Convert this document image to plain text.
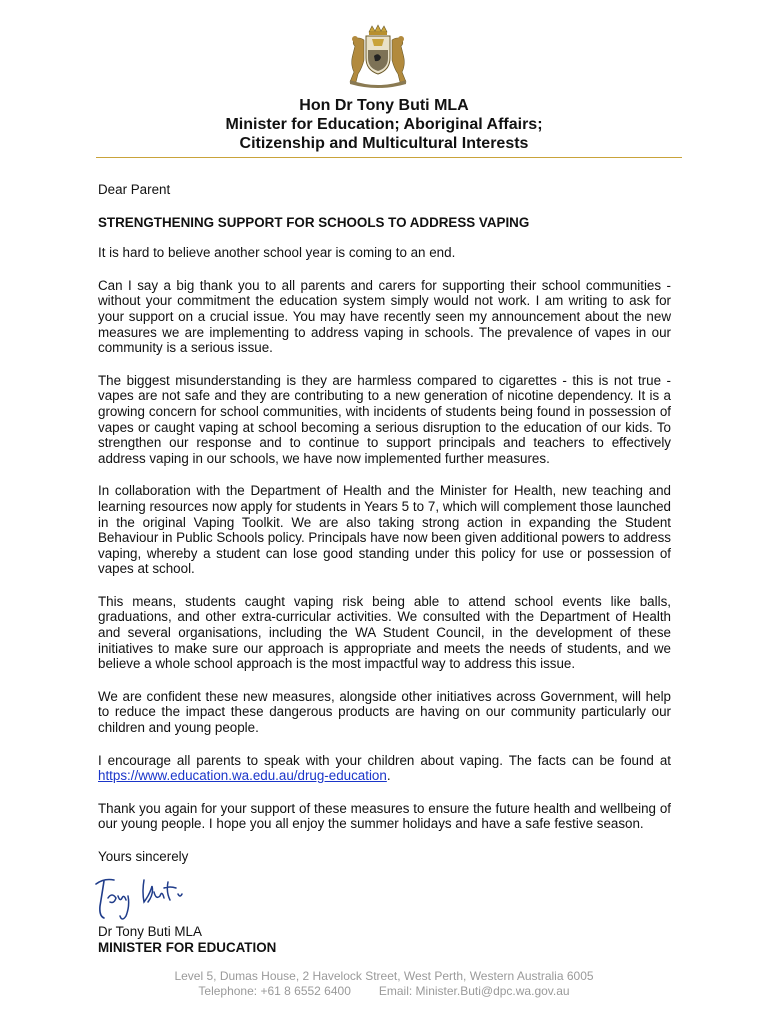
Hon Dr Tony Buti MLA
Minister for Education; Aboriginal Affairs;
Citizenship and Multicultural Interests
Dear Parent
STRENGTHENING SUPPORT FOR SCHOOLS TO ADDRESS VAPING

It is hard to believe another school year is coming to an end.

Can I say a big thank you to all parents and carers for supporting their school communities - without your commitment the education system simply would not work. I am writing to ask for your support on a crucial issue. You may have recently seen my announcement about the new measures we are implementing to address vaping in schools. The prevalence of vapes in our community is a serious issue.

The biggest misunderstanding is they are harmless compared to cigarettes - this is not true - vapes are not safe and they are contributing to a new generation of nicotine dependency. It is a growing concern for school communities, with incidents of students being found in possession of vapes or caught vaping at school becoming a serious disruption to the education of our kids. To strengthen our response and to continue to support principals and teachers to effectively address vaping in our schools, we have now implemented further measures.

In collaboration with the Department of Health and the Minister for Health, new teaching and learning resources now apply for students in Years 5 to 7, which will complement those launched in the original Vaping Toolkit. We are also taking strong action in expanding the Student Behaviour in Public Schools policy. Principals have now been given additional powers to address vaping, whereby a student can lose good standing under this policy for use or possession of vapes at school.

This means, students caught vaping risk being able to attend school events like balls, graduations, and other extra-curricular activities. We consulted with the Department of Health and several organisations, including the WA Student Council, in the development of these initiatives to make sure our approach is appropriate and meets the needs of students, and we believe a whole school approach is the most impactful way to address this issue.

We are confident these new measures, alongside other initiatives across Government, will help to reduce the impact these dangerous products are having on our community particularly our children and young people.

I encourage all parents to speak with your children about vaping. The facts can be found at https://www.education.wa.edu.au/drug-education.

Thank you again for your support of these measures to ensure the future health and wellbeing of our young people. I hope you all enjoy the summer holidays and have a safe festive season.

Yours sincerely
Dr Tony Buti MLA
MINISTER FOR EDUCATION
Level 5, Dumas House, 2 Havelock Street, West Perth, Western Australia 6005
Telephone: +61 8 6552 6400 Email: Minister.Buti@dpc.wa.gov.au
